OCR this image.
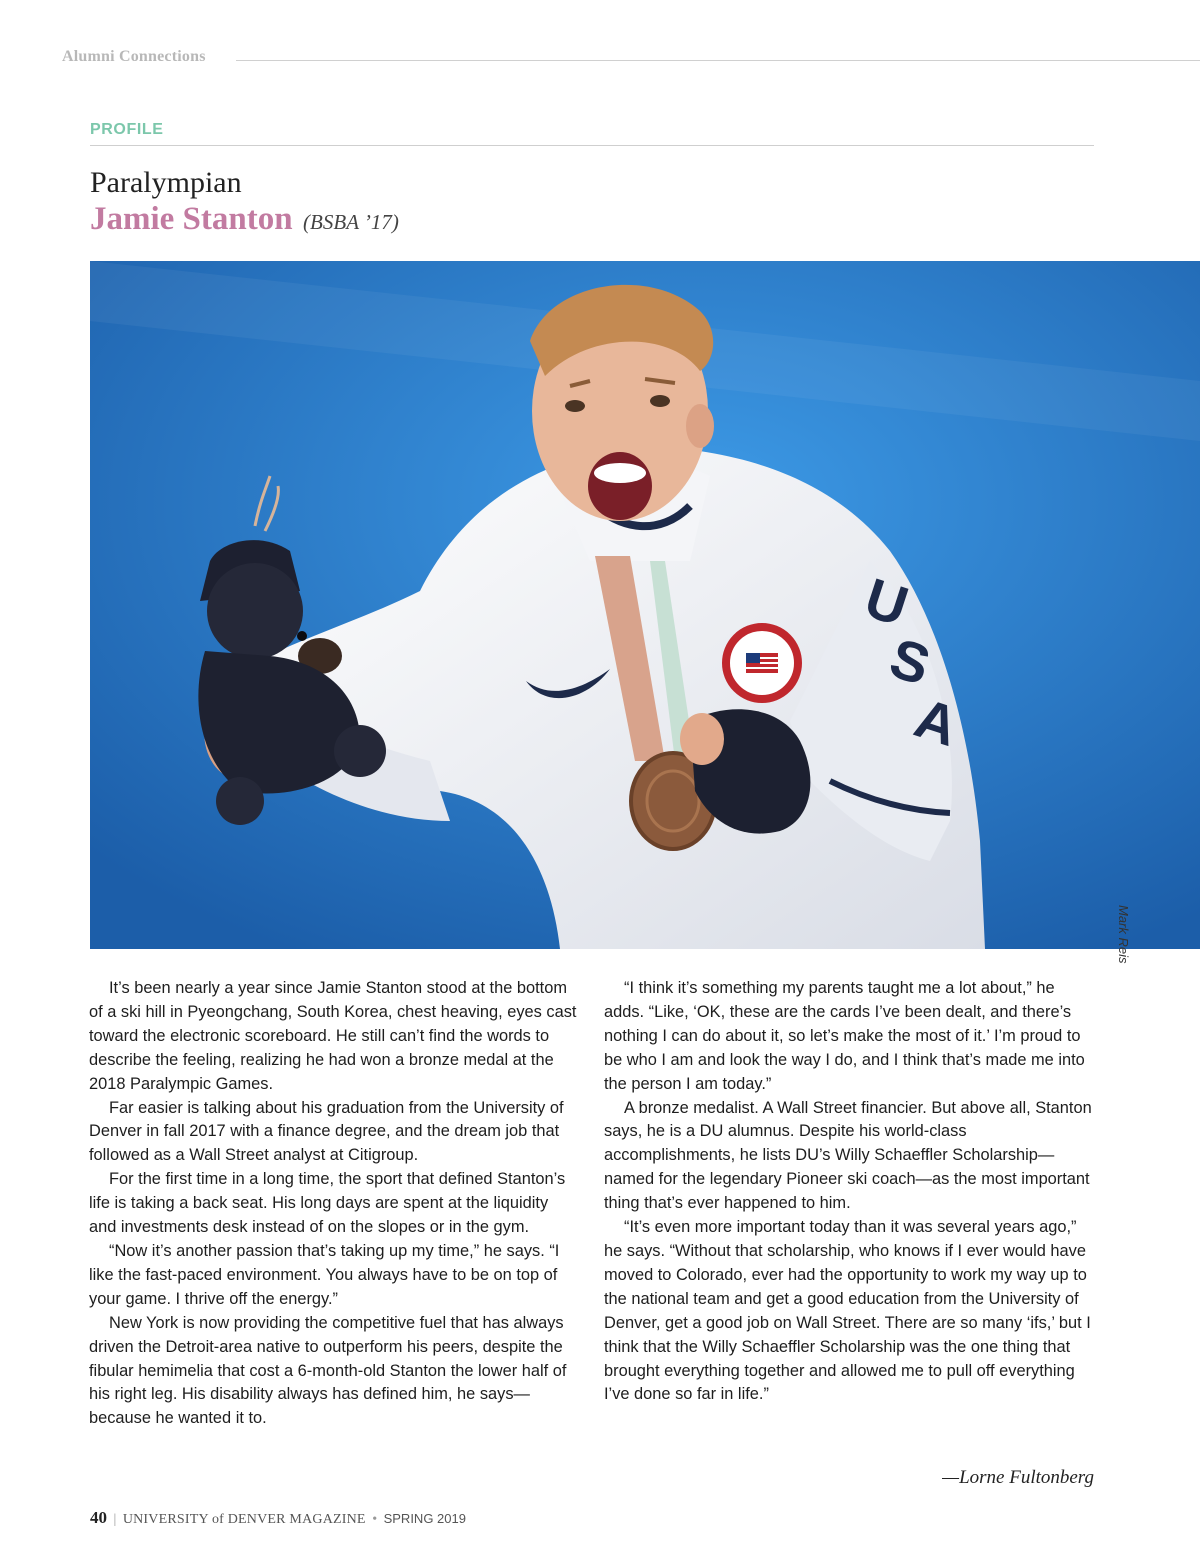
Alumni Connections
PROFILE
Paralympian
Jamie Stanton (BSBA ’17)
U
S
A
Mark Reis

It’s been nearly a year since Jamie Stanton stood at the bottom of a ski hill in Pyeongchang, South Korea, chest heaving, eyes cast toward the electronic scoreboard. He still can’t find the words to describe the feeling, realizing he had won a bronze medal at the 2018 Paralympic Games.

Far easier is talking about his graduation from the University of Denver in fall 2017 with a finance degree, and the dream job that followed as a Wall Street analyst at Citigroup.

For the first time in a long time, the sport that defined Stanton’s life is taking a back seat. His long days are spent at the liquidity and investments desk instead of on the slopes or in the gym.

“Now it’s another passion that’s taking up my time,” he says. “I like the fast-paced environment. You always have to be on top of your game. I thrive off the energy.”

New York is now providing the competitive fuel that has always driven the Detroit-area native to outperform his peers, despite the fibular hemimelia that cost a 6-month-old Stanton the lower half of his right leg. His disability always has defined him, he says—because he wanted it to.

“I think it’s something my parents taught me a lot about,” he adds. “Like, ‘OK, these are the cards I’ve been dealt, and there’s nothing I can do about it, so let’s make the most of it.’ I’m proud to be who I am and look the way I do, and I think that’s made me into the person I am today.”

A bronze medalist. A Wall Street financier. But above all, Stanton says, he is a DU alumnus. Despite his world-class accomplishments, he lists DU’s Willy Schaeffler Scholarship—named for the legendary Pioneer ski coach—as the most important thing that’s ever happened to him.

“It’s even more important today than it was several years ago,” he says. “Without that scholarship, who knows if I ever would have moved to Colorado, ever had the opportunity to work my way up to the national team and get a good education from the University of Denver, get a good job on Wall Street. There are so many ‘ifs,’ but I think that the Willy Schaeffler Scholarship was the one thing that brought everything together and allowed me to pull off everything I’ve done so far in life.”

—Lorne Fultonberg
40 | UNIVERSITY of DENVER MAGAZINE • SPRING 2019
